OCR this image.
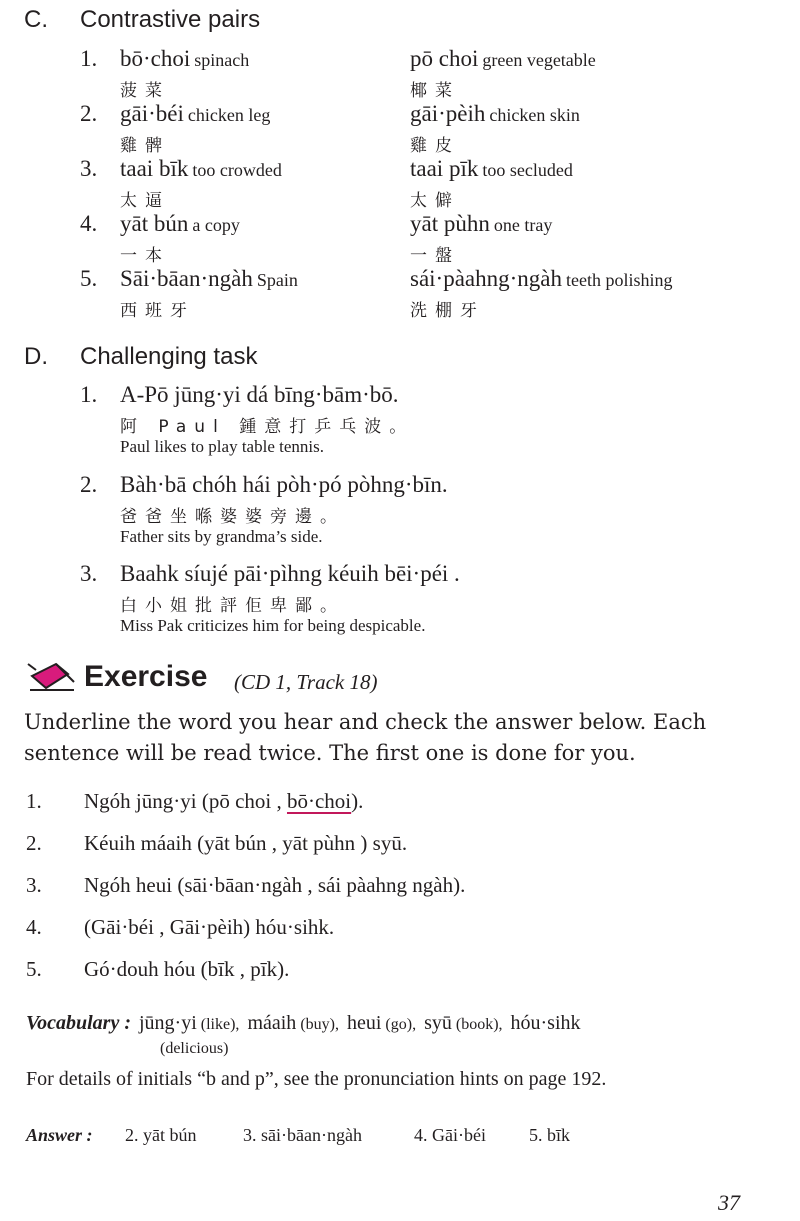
C. Contrastive pairs
1. bō·choi spinach
菠菜
pō choi green vegetable
椰菜
2. gāi·béi chicken leg
雞髀
gāi·pèih chicken skin
雞皮
3. taai bīk too crowded
太逼
taai pīk too secluded
太僻
4. yāt bún a copy
一本
yāt pùhn one tray
一盤
5. Sāi·bāan·ngàh Spain
西班牙
sái·pàahng·ngàh teeth polishing
洗棚牙
D. Challenging task
1. A-Pō jūng·yi dá bīng·bām·bō.
阿 Paul 鍾意打乒乓波。
Paul likes to play table tennis.
2. Bàh·bā chóh hái pòh·pó pòhng·bīn.
爸爸坐喺婆婆旁邊。
Father sits by grandma’s side.
3. Baahk síujé pāi·pìhng kéuih bēi·péi .
白小姐批評佢卑鄙。
Miss Pak criticizes him for being despicable.
Exercise (CD 1, Track 18)
Underline the word you hear and check the answer below. Each
sentence will be read twice. The first one is done for you.
1. Ngóh jūng·yi (pō choi , bō·choi).
2. Kéuih máaih (yāt bún , yāt pùhn ) syū.
3. Ngóh heui (sāi·bāan·ngàh , sái pàahng ngàh).
4. (Gāi·béi , Gāi·pèih) hóu·sihk.
5. Gó·douh hóu (bīk , pīk).
Vocabulary : jūng·yi (like), máaih (buy), heui (go), syū (book), hóu·sihk
(delicious)
For details of initials “b and p”, see the pronunciation hints on page 192.
Answer : 2. yāt bún	3. sāi·bāan·ngàh	4. Gāi·béi 5. bīk
37
